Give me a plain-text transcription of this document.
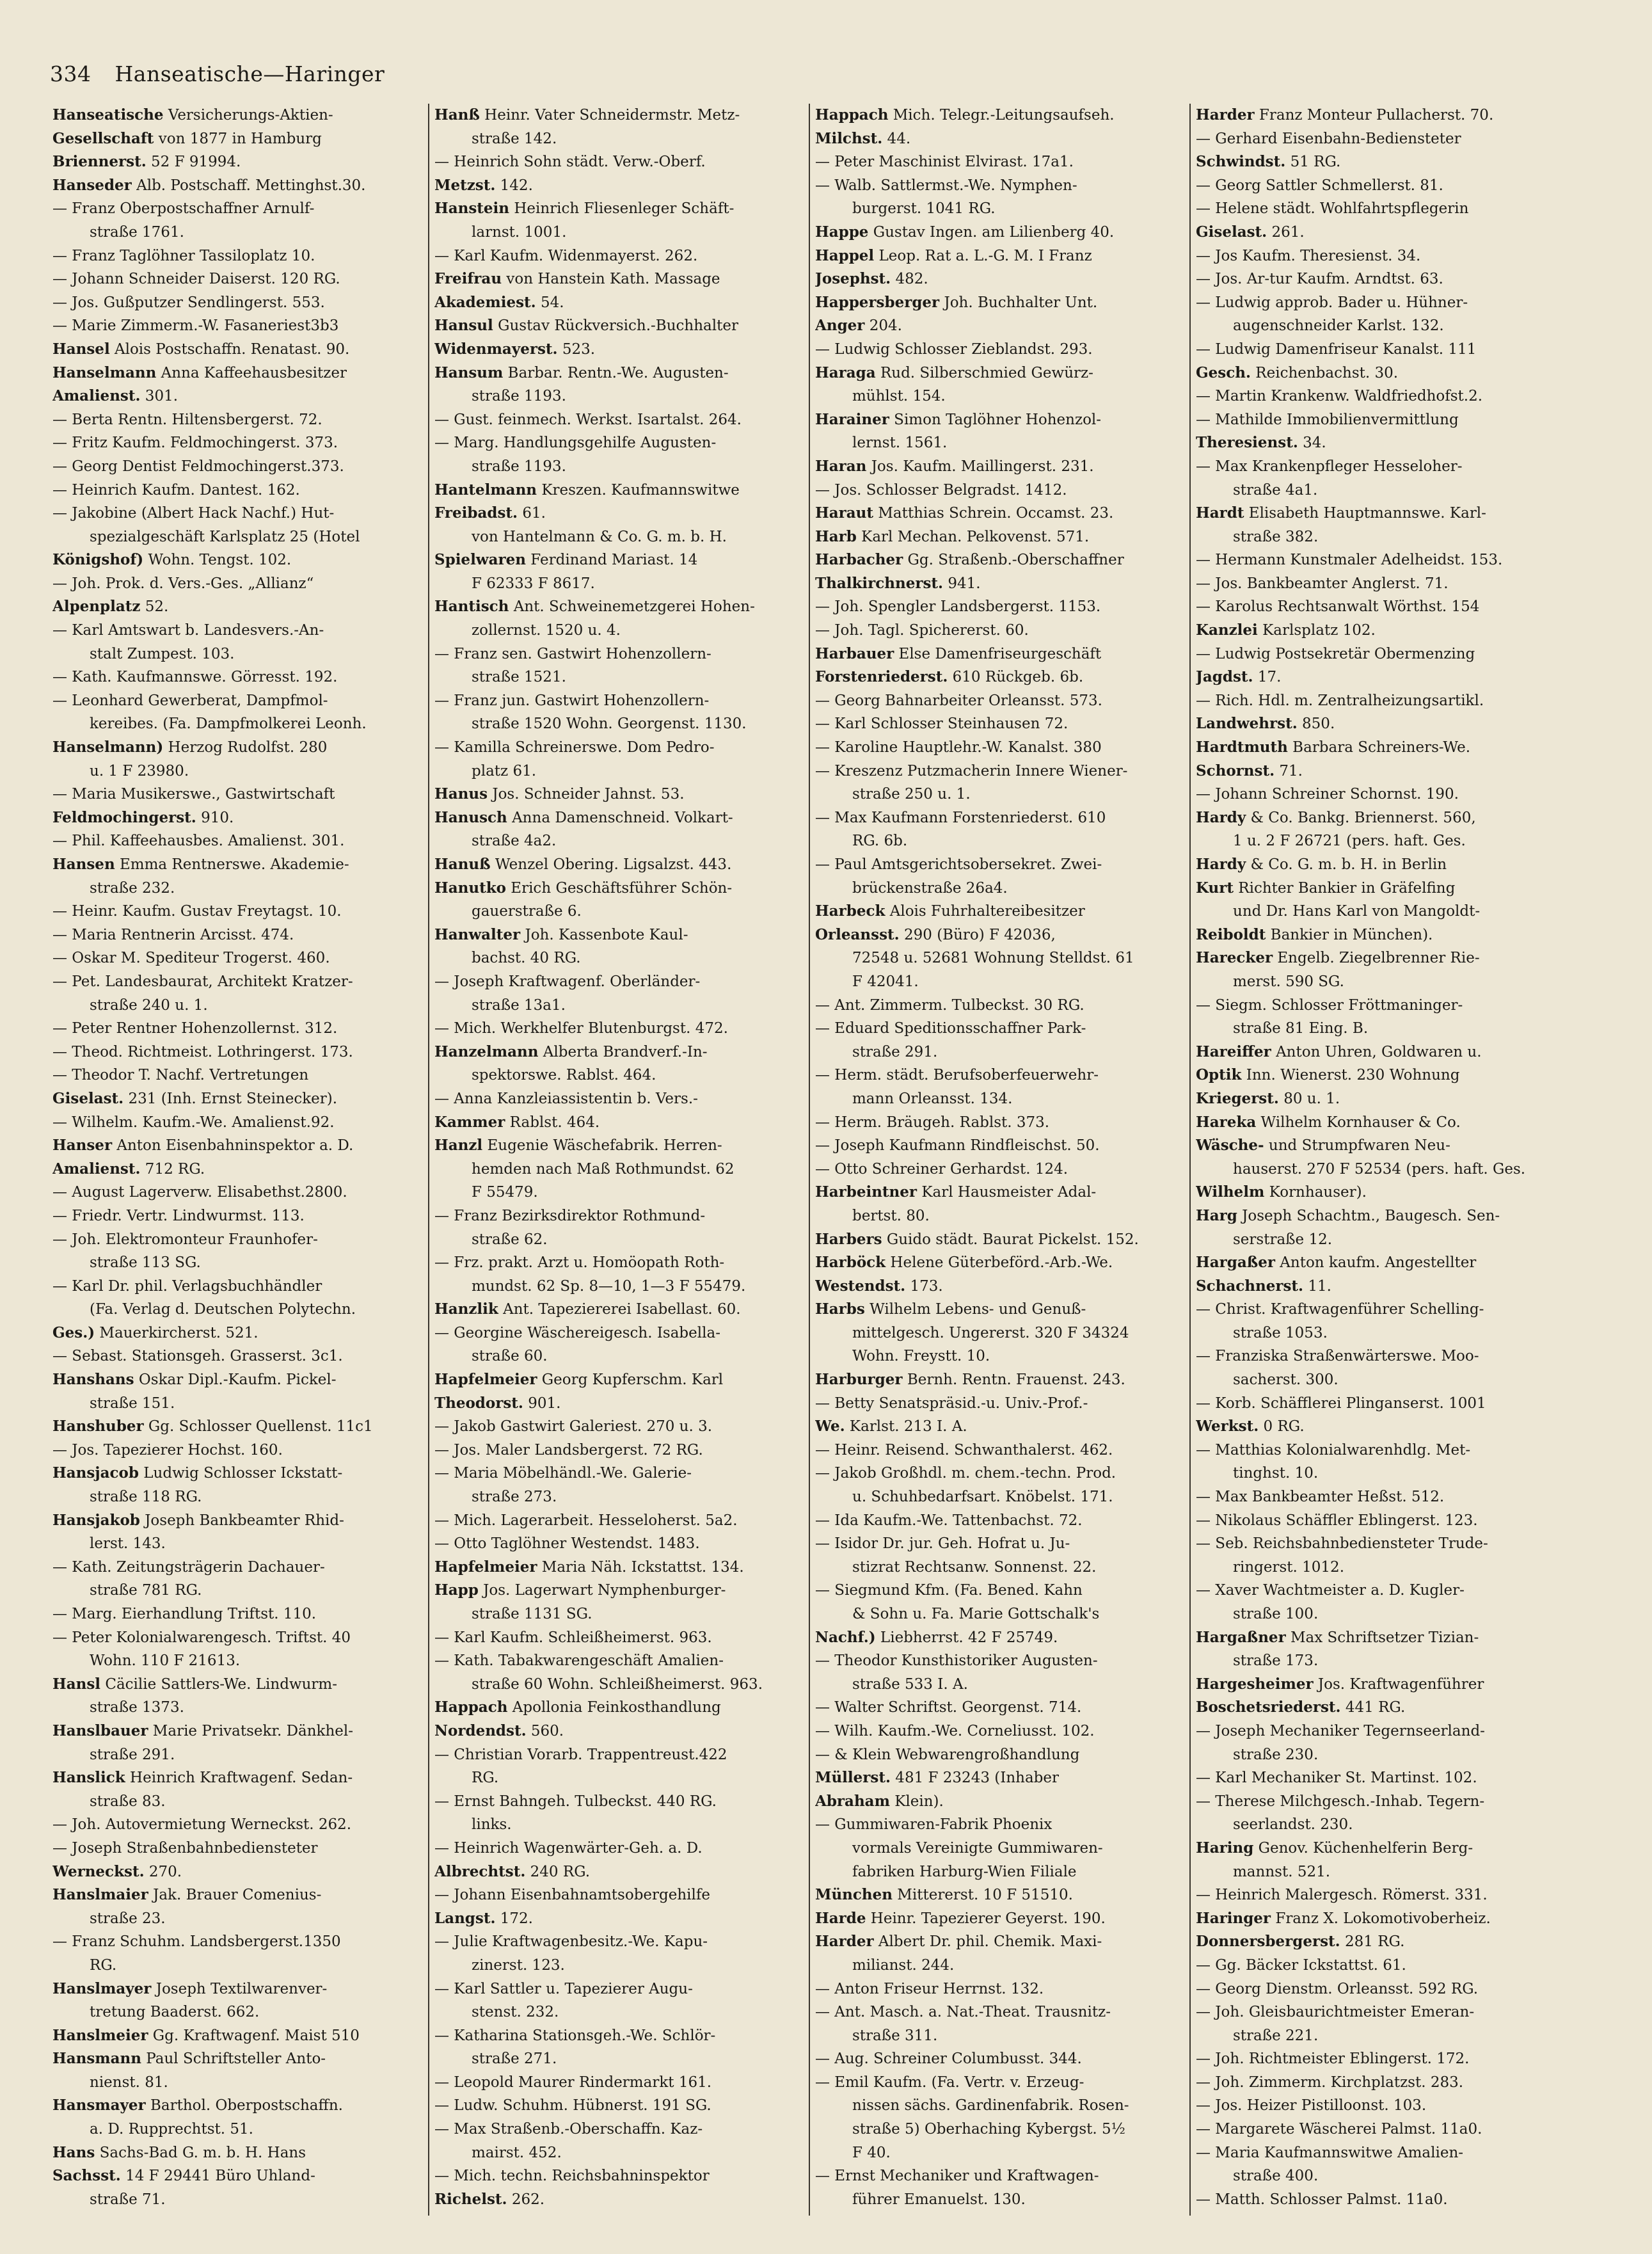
334 Hanseatische—Haringer
Hanseatische Versicherungs-Aktien-
Gesellschaft von 1877 in Hamburg
Briennerst. 52 F 91994.
Hanseder Alb. Postschaff. Mettinghst.30.
— Franz Oberpostschaffner Arnulf-
straße 1761.
— Franz Taglöhner Tassiloplatz 10.
— Johann Schneider Daiserst. 120 RG.
— Jos. Gußputzer Sendlingerst. 553.
— Marie Zimmerm.-W. Fasaneriest3b3
Hansel Alois Postschaffn. Renatast. 90.
Hanselmann Anna Kaffeehausbesitzer
Amalienst. 301.
— Berta Rentn. Hiltensbergerst. 72.
— Fritz Kaufm. Feldmochingerst. 373.
— Georg Dentist Feldmochingerst.373.
— Heinrich Kaufm. Dantest. 162.
— Jakobine (Albert Hack Nachf.) Hut-
spezialgeschäft Karlsplatz 25 (Hotel
Königshof) Wohn. Tengst. 102.
— Joh. Prok. d. Vers.-Ges. „Allianz“
Alpenplatz 52.
— Karl Amtswart b. Landesvers.-An-
stalt Zumpest. 103.
— Kath. Kaufmannswe. Görresst. 192.
— Leonhard Gewerberat, Dampfmol-
kereibes. (Fa. Dampfmolkerei Leonh.
Hanselmann) Herzog Rudolfst. 280
u. 1 F 23980.
— Maria Musikerswe., Gastwirtschaft
Feldmochingerst. 910.
— Phil. Kaffeehausbes. Amalienst. 301.
Hansen Emma Rentnerswe. Akademie-
straße 232.
— Heinr. Kaufm. Gustav Freytagst. 10.
— Maria Rentnerin Arcisst. 474.
— Oskar M. Spediteur Trogerst. 460.
— Pet. Landesbaurat, Architekt Kratzer-
straße 240 u. 1.
— Peter Rentner Hohenzollernst. 312.
— Theod. Richtmeist. Lothringerst. 173.
— Theodor T. Nachf. Vertretungen
Giselast. 231 (Inh. Ernst Steinecker).
— Wilhelm. Kaufm.-We. Amalienst.92.
Hanser Anton Eisenbahninspektor a. D.
Amalienst. 712 RG.
— August Lagerverw. Elisabethst.2800.
— Friedr. Vertr. Lindwurmst. 113.
— Joh. Elektromonteur Fraunhofer-
straße 113 SG.
— Karl Dr. phil. Verlagsbuchhändler
(Fa. Verlag d. Deutschen Polytechn.
Ges.) Mauerkircherst. 521.
— Sebast. Stationsgeh. Grasserst. 3c1.
Hanshans Oskar Dipl.-Kaufm. Pickel-
straße 151.
Hanshuber Gg. Schlosser Quellenst. 11c1
— Jos. Tapezierer Hochst. 160.
Hansjacob Ludwig Schlosser Ickstatt-
straße 118 RG.
Hansjakob Joseph Bankbeamter Rhid-
lerst. 143.
— Kath. Zeitungsträgerin Dachauer-
straße 781 RG.
— Marg. Eierhandlung Triftst. 110.
— Peter Kolonialwarengesch. Triftst. 40
Wohn. 110 F 21613.
Hansl Cäcilie Sattlers-We. Lindwurm-
straße 1373.
Hanslbauer Marie Privatsekr. Dänkhel-
straße 291.
Hanslick Heinrich Kraftwagenf. Sedan-
straße 83.
— Joh. Autovermietung Werneckst. 262.
— Joseph Straßenbahnbediensteter
Werneckst. 270.
Hanslmaier Jak. Brauer Comenius-
straße 23.
— Franz Schuhm. Landsbergerst.1350
RG.
Hanslmayer Joseph Textilwarenver-
tretung Baaderst. 662.
Hanslmeier Gg. Kraftwagenf. Maist 510
Hansmann Paul Schriftsteller Anto-
nienst. 81.
Hansmayer Barthol. Oberpostschaffn.
a. D. Rupprechtst. 51.
Hans Sachs-Bad G. m. b. H. Hans
Sachsst. 14 F 29441 Büro Uhland-
straße 71.
Hanß Heinr. Vater Schneidermstr. Metz-
straße 142.
— Heinrich Sohn städt. Verw.-Oberf.
Metzst. 142.
Hanstein Heinrich Fliesenleger Schäft-
larnst. 1001.
— Karl Kaufm. Widenmayerst. 262.
Freifrau von Hanstein Kath. Massage
Akademiest. 54.
Hansul Gustav Rückversich.-Buchhalter
Widenmayerst. 523.
Hansum Barbar. Rentn.-We. Augusten-
straße 1193.
— Gust. feinmech. Werkst. Isartalst. 264.
— Marg. Handlungsgehilfe Augusten-
straße 1193.
Hantelmann Kreszen. Kaufmannswitwe
Freibadst. 61.
von Hantelmann & Co. G. m. b. H.
Spielwaren Ferdinand Mariast. 14
F 62333 F 8617.
Hantisch Ant. Schweinemetzgerei Hohen-
zollernst. 1520 u. 4.
— Franz sen. Gastwirt Hohenzollern-
straße 1521.
— Franz jun. Gastwirt Hohenzollern-
straße 1520 Wohn. Georgenst. 1130.
— Kamilla Schreinerswe. Dom Pedro-
platz 61.
Hanus Jos. Schneider Jahnst. 53.
Hanusch Anna Damenschneid. Volkart-
straße 4a2.
Hanuß Wenzel Obering. Ligsalzst. 443.
Hanutko Erich Geschäftsführer Schön-
gauerstraße 6.
Hanwalter Joh. Kassenbote Kaul-
bachst. 40 RG.
— Joseph Kraftwagenf. Oberländer-
straße 13a1.
— Mich. Werkhelfer Blutenburgst. 472.
Hanzelmann Alberta Brandverf.-In-
spektorswe. Rablst. 464.
— Anna Kanzleiassistentin b. Vers.-
Kammer Rablst. 464.
Hanzl Eugenie Wäschefabrik. Herren-
hemden nach Maß Rothmundst. 62
F 55479.
— Franz Bezirksdirektor Rothmund-
straße 62.
— Frz. prakt. Arzt u. Homöopath Roth-
mundst. 62 Sp. 8—10, 1—3 F 55479.
Hanzlik Ant. Tapeziererei Isabellast. 60.
— Georgine Wäschereigesch. Isabella-
straße 60.
Hapfelmeier Georg Kupferschm. Karl
Theodorst. 901.
— Jakob Gastwirt Galeriest. 270 u. 3.
— Jos. Maler Landsbergerst. 72 RG.
— Maria Möbelhändl.-We. Galerie-
straße 273.
— Mich. Lagerarbeit. Hesseloherst. 5a2.
— Otto Taglöhner Westendst. 1483.
Hapfelmeier Maria Näh. Ickstattst. 134.
Happ Jos. Lagerwart Nymphenburger-
straße 1131 SG.
— Karl Kaufm. Schleißheimerst. 963.
— Kath. Tabakwarengeschäft Amalien-
straße 60 Wohn. Schleißheimerst. 963.
Happach Apollonia Feinkosthandlung
Nordendst. 560.
— Christian Vorarb. Trappentreust.422
RG.
— Ernst Bahngeh. Tulbeckst. 440 RG.
links.
— Heinrich Wagenwärter-Geh. a. D.
Albrechtst. 240 RG.
— Johann Eisenbahnamtsobergehilfe
Langst. 172.
— Julie Kraftwagenbesitz.-We. Kapu-
zinerst. 123.
— Karl Sattler u. Tapezierer Augu-
stenst. 232.
— Katharina Stationsgeh.-We. Schlör-
straße 271.
— Leopold Maurer Rindermarkt 161.
— Ludw. Schuhm. Hübnerst. 191 SG.
— Max Straßenb.-Oberschaffn. Kaz-
mairst. 452.
— Mich. techn. Reichsbahninspektor
Richelst. 262.
Happach Mich. Telegr.-Leitungsaufseh.
Milchst. 44.
— Peter Maschinist Elvirast. 17a1.
— Walb. Sattlermst.-We. Nymphen-
burgerst. 1041 RG.
Happe Gustav Ingen. am Lilienberg 40.
Happel Leop. Rat a. L.-G. M. I Franz
Josephst. 482.
Happersberger Joh. Buchhalter Unt.
Anger 204.
— Ludwig Schlosser Zieblandst. 293.
Haraga Rud. Silberschmied Gewürz-
mühlst. 154.
Harainer Simon Taglöhner Hohenzol-
lernst. 1561.
Haran Jos. Kaufm. Maillingerst. 231.
— Jos. Schlosser Belgradst. 1412.
Haraut Matthias Schrein. Occamst. 23.
Harb Karl Mechan. Pelkovenst. 571.
Harbacher Gg. Straßenb.-Oberschaffner
Thalkirchnerst. 941.
— Joh. Spengler Landsbergerst. 1153.
— Joh. Tagl. Spichererst. 60.
Harbauer Else Damenfriseurgeschäft
Forstenriederst. 610 Rückgeb. 6b.
— Georg Bahnarbeiter Orleansst. 573.
— Karl Schlosser Steinhausen 72.
— Karoline Hauptlehr.-W. Kanalst. 380
— Kreszenz Putzmacherin Innere Wiener-
straße 250 u. 1.
— Max Kaufmann Forstenriederst. 610
RG. 6b.
— Paul Amtsgerichtsobersekret. Zwei-
brückenstraße 26a4.
Harbeck Alois Fuhrhaltereibesitzer
Orleansst. 290 (Büro) F 42036,
72548 u. 52681 Wohnung Stelldst. 61
F 42041.
— Ant. Zimmerm. Tulbeckst. 30 RG.
— Eduard Speditionsschaffner Park-
straße 291.
— Herm. städt. Berufsoberfeuerwehr-
mann Orleansst. 134.
— Herm. Bräugeh. Rablst. 373.
— Joseph Kaufmann Rindfleischst. 50.
— Otto Schreiner Gerhardst. 124.
Harbeintner Karl Hausmeister Adal-
bertst. 80.
Harbers Guido städt. Baurat Pickelst. 152.
Harböck Helene Güterbeförd.-Arb.-We.
Westendst. 173.
Harbs Wilhelm Lebens- und Genuß-
mittelgesch. Ungererst. 320 F 34324
Wohn. Freystt. 10.
Harburger Bernh. Rentn. Frauenst. 243.
— Betty Senatspräsid.-u. Univ.-Prof.-
We. Karlst. 213 I. A.
— Heinr. Reisend. Schwanthalerst. 462.
— Jakob Großhdl. m. chem.-techn. Prod.
u. Schuhbedarfsart. Knöbelst. 171.
— Ida Kaufm.-We. Tattenbachst. 72.
— Isidor Dr. jur. Geh. Hofrat u. Ju-
stizrat Rechtsanw. Sonnenst. 22.
— Siegmund Kfm. (Fa. Bened. Kahn
& Sohn u. Fa. Marie Gottschalk's
Nachf.) Liebherrst. 42 F 25749.
— Theodor Kunsthistoriker Augusten-
straße 533 I. A.
— Walter Schriftst. Georgenst. 714.
— Wilh. Kaufm.-We. Corneliusst. 102.
— & Klein Webwarengroßhandlung
Müllerst. 481 F 23243 (Inhaber
Abraham Klein).
— Gummiwaren-Fabrik Phoenix
vormals Vereinigte Gummiwaren-
fabriken Harburg-Wien Filiale
München Mittererst. 10 F 51510.
Harde Heinr. Tapezierer Geyerst. 190.
Harder Albert Dr. phil. Chemik. Maxi-
milianst. 244.
— Anton Friseur Herrnst. 132.
— Ant. Masch. a. Nat.-Theat. Trausnitz-
straße 311.
— Aug. Schreiner Columbusst. 344.
— Emil Kaufm. (Fa. Vertr. v. Erzeug-
nissen sächs. Gardinenfabrik. Rosen-
straße 5) Oberhaching Kybergst. 5½
F 40.
— Ernst Mechaniker und Kraftwagen-
führer Emanuelst. 130.
Harder Franz Monteur Pullacherst. 70.
— Gerhard Eisenbahn-Bediensteter
Schwindst. 51 RG.
— Georg Sattler Schmellerst. 81.
— Helene städt. Wohlfahrtspflegerin
Giselast. 261.
— Jos Kaufm. Theresienst. 34.
— Jos. Ar-tur Kaufm. Arndtst. 63.
— Ludwig approb. Bader u. Hühner-
augenschneider Karlst. 132.
— Ludwig Damenfriseur Kanalst. 111
Gesch. Reichenbachst. 30.
— Martin Krankenw. Waldfriedhofst.2.
— Mathilde Immobilienvermittlung
Theresienst. 34.
— Max Krankenpfleger Hesseloher-
straße 4a1.
Hardt Elisabeth Hauptmannswe. Karl-
straße 382.
— Hermann Kunstmaler Adelheidst. 153.
— Jos. Bankbeamter Anglerst. 71.
— Karolus Rechtsanwalt Wörthst. 154
Kanzlei Karlsplatz 102.
— Ludwig Postsekretär Obermenzing
Jagdst. 17.
— Rich. Hdl. m. Zentralheizungsartikl.
Landwehrst. 850.
Hardtmuth Barbara Schreiners-We.
Schornst. 71.
— Johann Schreiner Schornst. 190.
Hardy & Co. Bankg. Briennerst. 560,
1 u. 2 F 26721 (pers. haft. Ges.
Hardy & Co. G. m. b. H. in Berlin
Kurt Richter Bankier in Gräfelfing
und Dr. Hans Karl von Mangoldt-
Reiboldt Bankier in München).
Harecker Engelb. Ziegelbrenner Rie-
merst. 590 SG.
— Siegm. Schlosser Fröttmaninger-
straße 81 Eing. B.
Hareiffer Anton Uhren, Goldwaren u.
Optik Inn. Wienerst. 230 Wohnung
Kriegerst. 80 u. 1.
Hareka Wilhelm Kornhauser & Co.
Wäsche- und Strumpfwaren Neu-
hauserst. 270 F 52534 (pers. haft. Ges.
Wilhelm Kornhauser).
Harg Joseph Schachtm., Baugesch. Sen-
serstraße 12.
Hargaßer Anton kaufm. Angestellter
Schachnerst. 11.
— Christ. Kraftwagenführer Schelling-
straße 1053.
— Franziska Straßenwärterswe. Moo-
sacherst. 300.
— Korb. Schäfflerei Plinganserst. 1001
Werkst. 0 RG.
— Matthias Kolonialwarenhdlg. Met-
tinghst. 10.
— Max Bankbeamter Heßst. 512.
— Nikolaus Schäffler Eblingerst. 123.
— Seb. Reichsbahnbediensteter Trude-
ringerst. 1012.
— Xaver Wachtmeister a. D. Kugler-
straße 100.
Hargaßner Max Schriftsetzer Tizian-
straße 173.
Hargesheimer Jos. Kraftwagenführer
Boschetsriederst. 441 RG.
— Joseph Mechaniker Tegernseerland-
straße 230.
— Karl Mechaniker St. Martinst. 102.
— Therese Milchgesch.-Inhab. Tegern-
seerlandst. 230.
Haring Genov. Küchenhelferin Berg-
mannst. 521.
— Heinrich Malergesch. Römerst. 331.
Haringer Franz X. Lokomotivoberheiz.
Donnersbergerst. 281 RG.
— Gg. Bäcker Ickstattst. 61.
— Georg Dienstm. Orleansst. 592 RG.
— Joh. Gleisbaurichtmeister Emeran-
straße 221.
— Joh. Richtmeister Eblingerst. 172.
— Joh. Zimmerm. Kirchplatzst. 283.
— Jos. Heizer Pistilloonst. 103.
— Margarete Wäscherei Palmst. 11a0.
— Maria Kaufmannswitwe Amalien-
straße 400.
— Matth. Schlosser Palmst. 11a0.
